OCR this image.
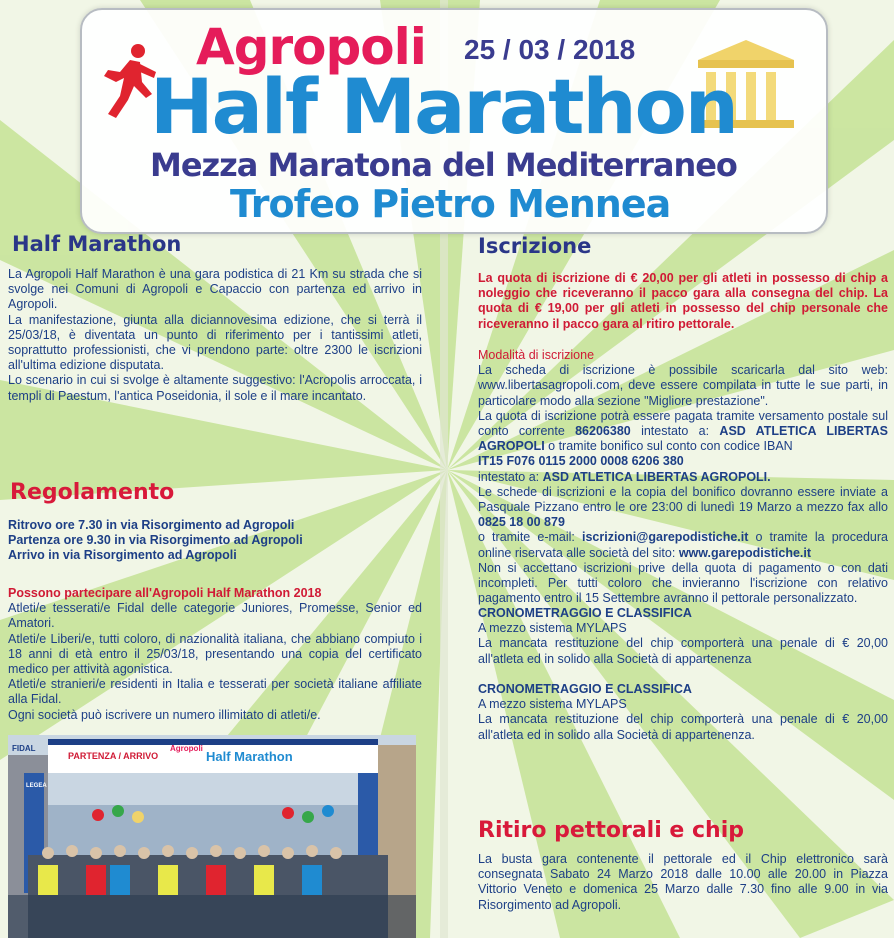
Agropoli 25 / 03 / 2018
Half Marathon
Mezza Maratona del Mediterraneo
Trofeo Pietro Mennea
Half Marathon

La Agropoli Half Marathon è una gara podistica di 21 Km su strada che si svolge nei Comuni di Agropoli e Capaccio con partenza ed arrivo in Agropoli.

La manifestazione, giunta alla diciannovesima edizione, che si terrà il 25/03/18, è diventata un punto di riferimento per i tantissimi atleti, soprattutto professionisti, che vi prendono parte: oltre 2300 le iscrizioni all'ultima edizione disputata.

Lo scenario in cui si svolge è altamente suggestivo: l'Acropolis arroccata, i templi di Paestum, l'antica Poseidonia, il sole e il mare incantato.

Regolamento

Ritrovo ore 7.30 in via Risorgimento ad Agropoli

Partenza ore 9.30 in via Risorgimento ad Agropoli

Arrivo in via Risorgimento ad Agropoli

Possono partecipare all'Agropoli Half Marathon 2018

Atleti/e tesserati/e Fidal delle categorie Juniores, Promesse, Senior ed Amatori.

Atleti/e Liberi/e, tutti coloro, di nazionalità italiana, che abbiano compiuto i 18 anni di età entro il 25/03/18, presentando una copia del certificato medico per attività agonistica.

Atleti/e stranieri/e residenti in Italia e tesserati per società italiane affiliate alla Fidal.

Ogni società può iscrivere un numero illimitato di atleti/e.

PARTENZA / ARRIVO
Agropoli
Half Marathon
FIDAL
LEGEA
Iscrizione
La quota di iscrizione di € 20,00 per gli atleti in possesso di chip a noleggio che riceveranno il pacco gara alla consegna del chip. La quota di € 19,00 per gli atleti in possesso del chip personale che riceveranno il pacco gara al ritiro pettorale.

Modalità di iscrizione

La scheda di iscrizione è possibile scaricarla dal sito web: www.libertasagropoli.com, deve essere compilata in tutte le sue parti, in particolare modo alla sezione "Migliore prestazione".

La quota di iscrizione potrà essere pagata tramite versamento postale sul conto corrente 86206380 intestato a: ASD ATLETICA LIBERTAS AGROPOLI o tramite bonifico sul conto con codice IBAN

IT15 F076 0115 2000 0008 6206 380

intestato a: ASD ATLETICA LIBERTAS AGROPOLI.

Le schede di iscrizioni e la copia del bonifico dovranno essere inviate a Pasquale Pizzano entro le ore 23:00 di lunedì 19 Marzo a mezzo fax allo 0825 18 00 879

o tramite e-mail: iscrizioni@garepodistiche.it o tramite la procedura online riservata alle società del sito: www.garepodistiche.it

Non si accettano iscrizioni prive della quota di pagamento o con dati incompleti. Per tutti coloro che invieranno l'iscrizione con relativo pagamento entro il 15 Settembre avranno il pettorale personalizzato.

CRONOMETRAGGIO E CLASSIFICA

A mezzo sistema MYLAPS

La mancata restituzione del chip comporterà una penale di € 20,00 all'atleta ed in solido alla Società di appartenenza

CRONOMETRAGGIO E CLASSIFICA

A mezzo sistema MYLAPS

La mancata restituzione del chip comporterà una penale di € 20,00 all'atleta ed in solido alla Società di appartenenza.

Ritiro pettorali e chip
La busta gara contenente il pettorale ed il Chip elettronico sarà consegnata Sabato 24 Marzo 2018 dalle 10.00 alle 20.00 in Piazza Vittorio Veneto e domenica 25 Marzo dalle 7.30 fino alle 9.00 in via Risorgimento ad Agropoli.
